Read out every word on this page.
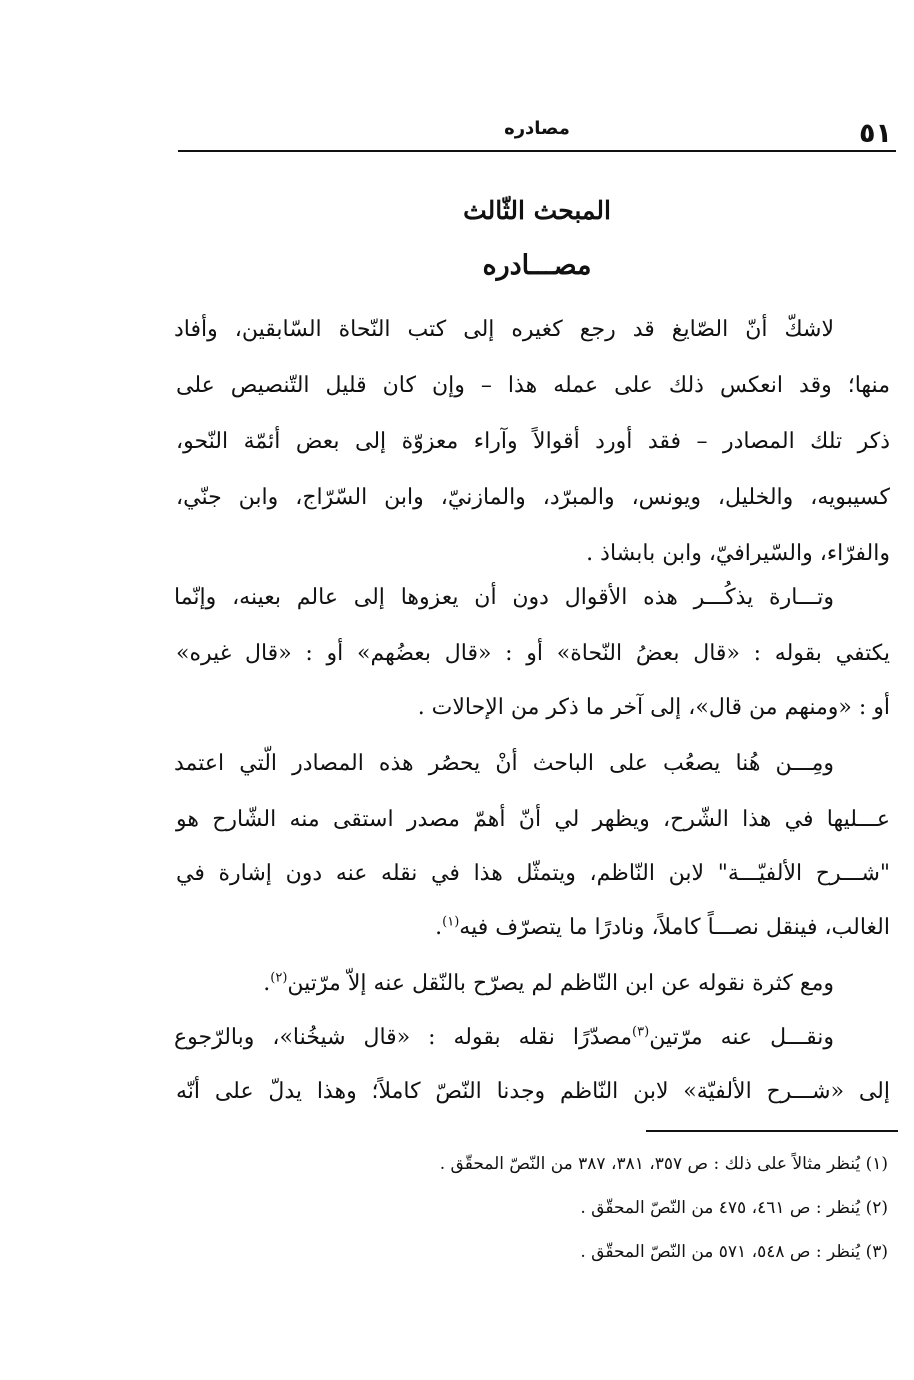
٥١
مصادره
المبحث الثّالث
مصـــادره
لاشكّ أنّ الصّايغ قد رجع كغيره إلى كتب النّحاة السّابقين، وأفاد
منها؛ وقد انعكس ذلك على عمله هذا – وإن كان قليل التّنصيص على
ذكر تلك المصادر – فقد أورد أقوالاً وآراء معزوّة إلى بعض أئمّة النّحو،
كسيبويه، والخليل، ويونس، والمبرّد، والمازنيّ، وابن السّرّاج، وابن جنّي،
والفرّاء، والسّيرافيّ، وابن بابشاذ .
وتـــارة يذكُـــر هذه الأقوال دون أن يعزوها إلى عالم بعينه، وإنّما
يكتفي بقوله : «قال بعضُ النّحاة» أو : «قال بعضُهم» أو : «قال غيره»
أو : «ومنهم من قال»، إلى آخر ما ذكر من الإحالات .
ومِـــن هُنا يصعُب على الباحث أنْ يحصُر هذه المصادر الّتي اعتمد
عـــليها في هذا الشّرح، ويظهر لي أنّ أهمّ مصدر استقى منه الشّارح هو
"شـــرح الألفيّـــة" لابن النّاظم، ويتمثّل هذا في نقله عنه دون إشارة في
الغالب، فينقل نصـــاً كاملاً، ونادرًا ما يتصرّف فيه$^{(١)}$.
ومع كثرة نقوله عن ابن النّاظم لم يصرّح بالنّقل عنه إلاّ مرّتين$^{(٢)}$.
ونقـــل عنه مرّتين$^{(٣)}$مصدّرًا نقله بقوله : «قال شيخُنا»، وبالرّجوع
إلى «شـــرح الألفيّة» لابن النّاظم وجدنا النّصّ كاملاً؛ وهذا يدلّ على أنّه
(١) يُنظر مثالاً على ذلك : ص ٣٥٧، ٣٨١، ٣٨٧ من النّصّ المحقّق .
(٢) يُنظر : ص ٤٦١، ٤٧٥ من النّصّ المحقّق .
(٣) يُنظر : ص ٥٤٨، ٥٧١ من النّصّ المحقّق .
